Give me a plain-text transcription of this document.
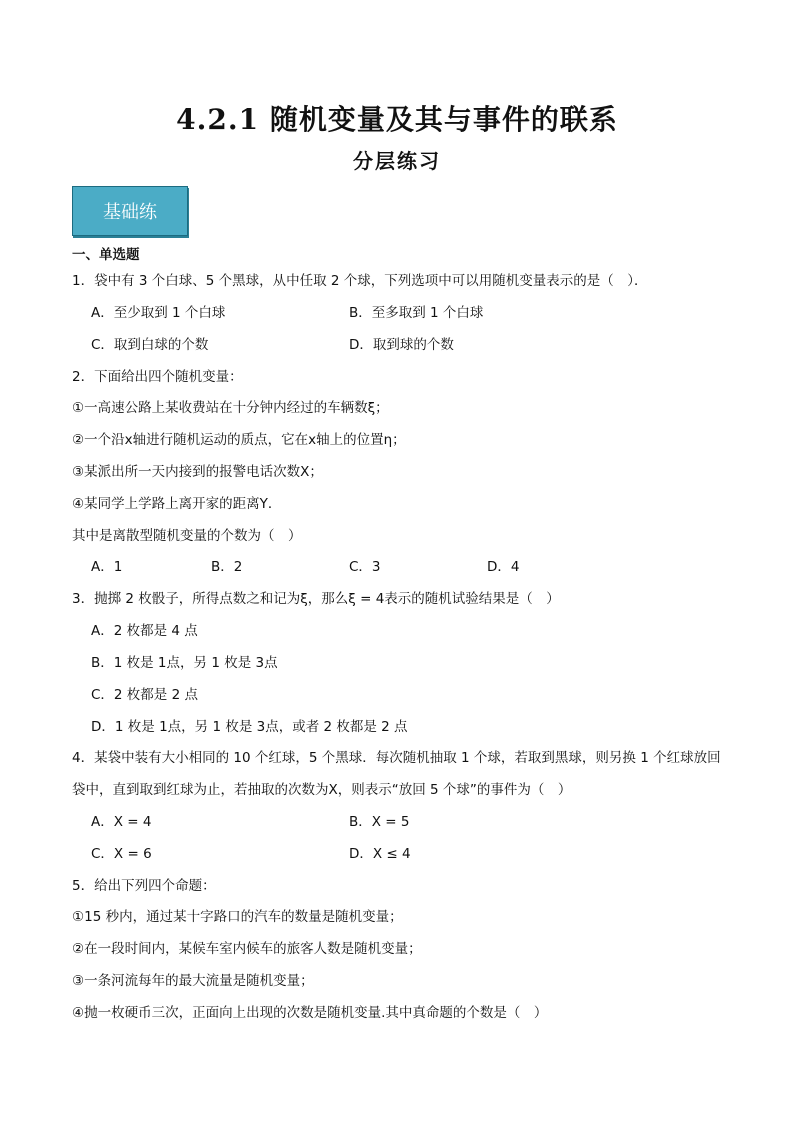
4.2.1 随机变量及其与事件的联系
分层练习
基础练
一、单选题
1．袋中有 3 个白球、5 个黑球，从中任取 2 个球，下列选项中可以用随机变量表示的是（　）．
A．至少取到 1 个白球	B．至多取到 1 个白球
C．取到白球的个数	D．取到球的个数
2．下面给出四个随机变量：
①一高速公路上某收费站在十分钟内经过的车辆数ξ；
②一个沿x轴进行随机运动的质点，它在x轴上的位置η；
③某派出所一天内接到的报警电话次数X；
④某同学上学路上离开家的距离Y．
其中是离散型随机变量的个数为（　）
A．1	B．2	C．3	D．4
3．抛掷 2 枚骰子，所得点数之和记为ξ，那么ξ = 4表示的随机试验结果是（　）
A．2 枚都是 4 点
B．1 枚是 1点，另 1 枚是 3点
C．2 枚都是 2 点
D．1 枚是 1点，另 1 枚是 3点，或者 2 枚都是 2 点
4．某袋中装有大小相同的 10 个红球，5 个黑球．每次随机抽取 1 个球，若取到黑球，则另换 1 个红球放回
袋中，直到取到红球为止，若抽取的次数为X，则表示“放回 5 个球”的事件为（　）
A．X = 4	B．X = 5
C．X = 6	D．X ≤ 4
5．给出下列四个命题：
①15 秒内，通过某十字路口的汽车的数量是随机变量；
②在一段时间内，某候车室内候车的旅客人数是随机变量；
③一条河流每年的最大流量是随机变量；
④抛一枚硬币三次，正面向上出现的次数是随机变量.其中真命题的个数是（　）
